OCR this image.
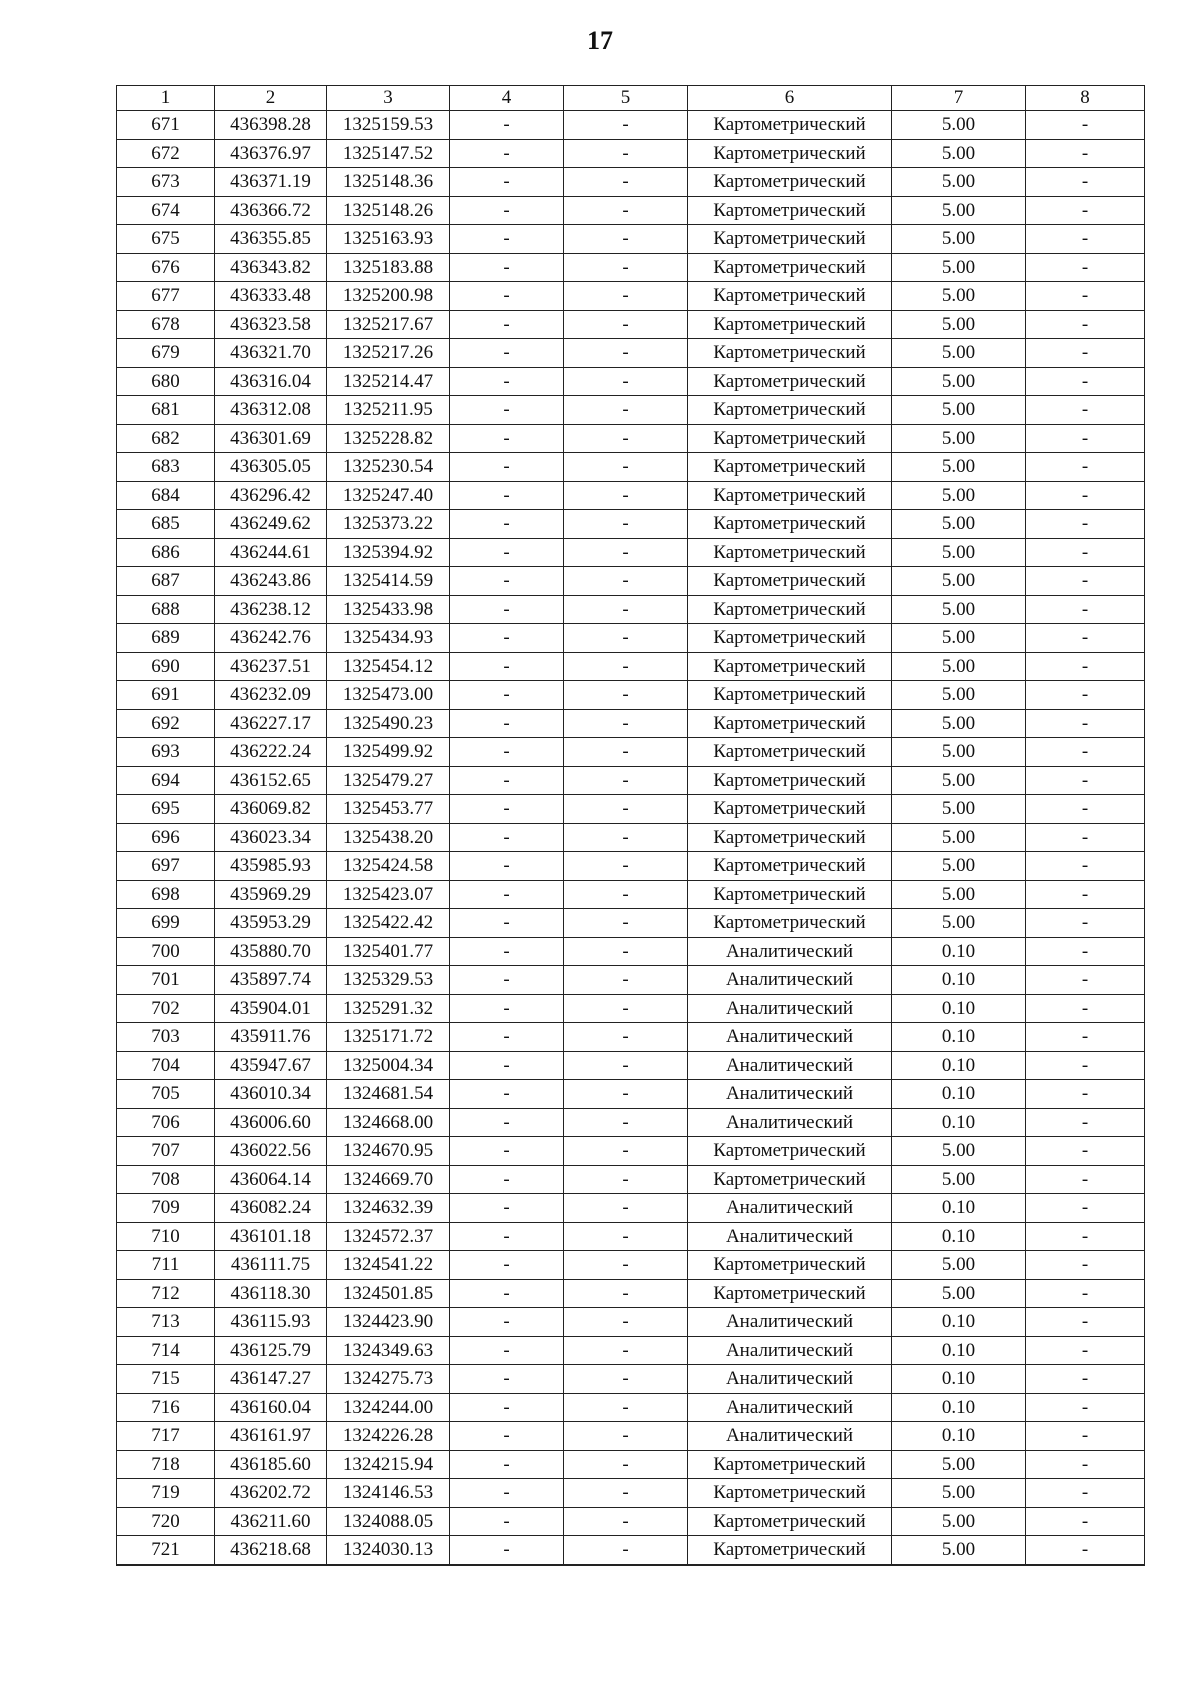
17
1	2	3	4	5	6	7	8
671	436398.28	1325159.53	-	-	Картометрический	5.00	-
672	436376.97	1325147.52	-	-	Картометрический	5.00	-
673	436371.19	1325148.36	-	-	Картометрический	5.00	-
674	436366.72	1325148.26	-	-	Картометрический	5.00	-
675	436355.85	1325163.93	-	-	Картометрический	5.00	-
676	436343.82	1325183.88	-	-	Картометрический	5.00	-
677	436333.48	1325200.98	-	-	Картометрический	5.00	-
678	436323.58	1325217.67	-	-	Картометрический	5.00	-
679	436321.70	1325217.26	-	-	Картометрический	5.00	-
680	436316.04	1325214.47	-	-	Картометрический	5.00	-
681	436312.08	1325211.95	-	-	Картометрический	5.00	-
682	436301.69	1325228.82	-	-	Картометрический	5.00	-
683	436305.05	1325230.54	-	-	Картометрический	5.00	-
684	436296.42	1325247.40	-	-	Картометрический	5.00	-
685	436249.62	1325373.22	-	-	Картометрический	5.00	-
686	436244.61	1325394.92	-	-	Картометрический	5.00	-
687	436243.86	1325414.59	-	-	Картометрический	5.00	-
688	436238.12	1325433.98	-	-	Картометрический	5.00	-
689	436242.76	1325434.93	-	-	Картометрический	5.00	-
690	436237.51	1325454.12	-	-	Картометрический	5.00	-
691	436232.09	1325473.00	-	-	Картометрический	5.00	-
692	436227.17	1325490.23	-	-	Картометрический	5.00	-
693	436222.24	1325499.92	-	-	Картометрический	5.00	-
694	436152.65	1325479.27	-	-	Картометрический	5.00	-
695	436069.82	1325453.77	-	-	Картометрический	5.00	-
696	436023.34	1325438.20	-	-	Картометрический	5.00	-
697	435985.93	1325424.58	-	-	Картометрический	5.00	-
698	435969.29	1325423.07	-	-	Картометрический	5.00	-
699	435953.29	1325422.42	-	-	Картометрический	5.00	-
700	435880.70	1325401.77	-	-	Аналитический	0.10	-
701	435897.74	1325329.53	-	-	Аналитический	0.10	-
702	435904.01	1325291.32	-	-	Аналитический	0.10	-
703	435911.76	1325171.72	-	-	Аналитический	0.10	-
704	435947.67	1325004.34	-	-	Аналитический	0.10	-
705	436010.34	1324681.54	-	-	Аналитический	0.10	-
706	436006.60	1324668.00	-	-	Аналитический	0.10	-
707	436022.56	1324670.95	-	-	Картометрический	5.00	-
708	436064.14	1324669.70	-	-	Картометрический	5.00	-
709	436082.24	1324632.39	-	-	Аналитический	0.10	-
710	436101.18	1324572.37	-	-	Аналитический	0.10	-
711	436111.75	1324541.22	-	-	Картометрический	5.00	-
712	436118.30	1324501.85	-	-	Картометрический	5.00	-
713	436115.93	1324423.90	-	-	Аналитический	0.10	-
714	436125.79	1324349.63	-	-	Аналитический	0.10	-
715	436147.27	1324275.73	-	-	Аналитический	0.10	-
716	436160.04	1324244.00	-	-	Аналитический	0.10	-
717	436161.97	1324226.28	-	-	Аналитический	0.10	-
718	436185.60	1324215.94	-	-	Картометрический	5.00	-
719	436202.72	1324146.53	-	-	Картометрический	5.00	-
720	436211.60	1324088.05	-	-	Картометрический	5.00	-
721	436218.68	1324030.13	-	-	Картометрический	5.00	-
